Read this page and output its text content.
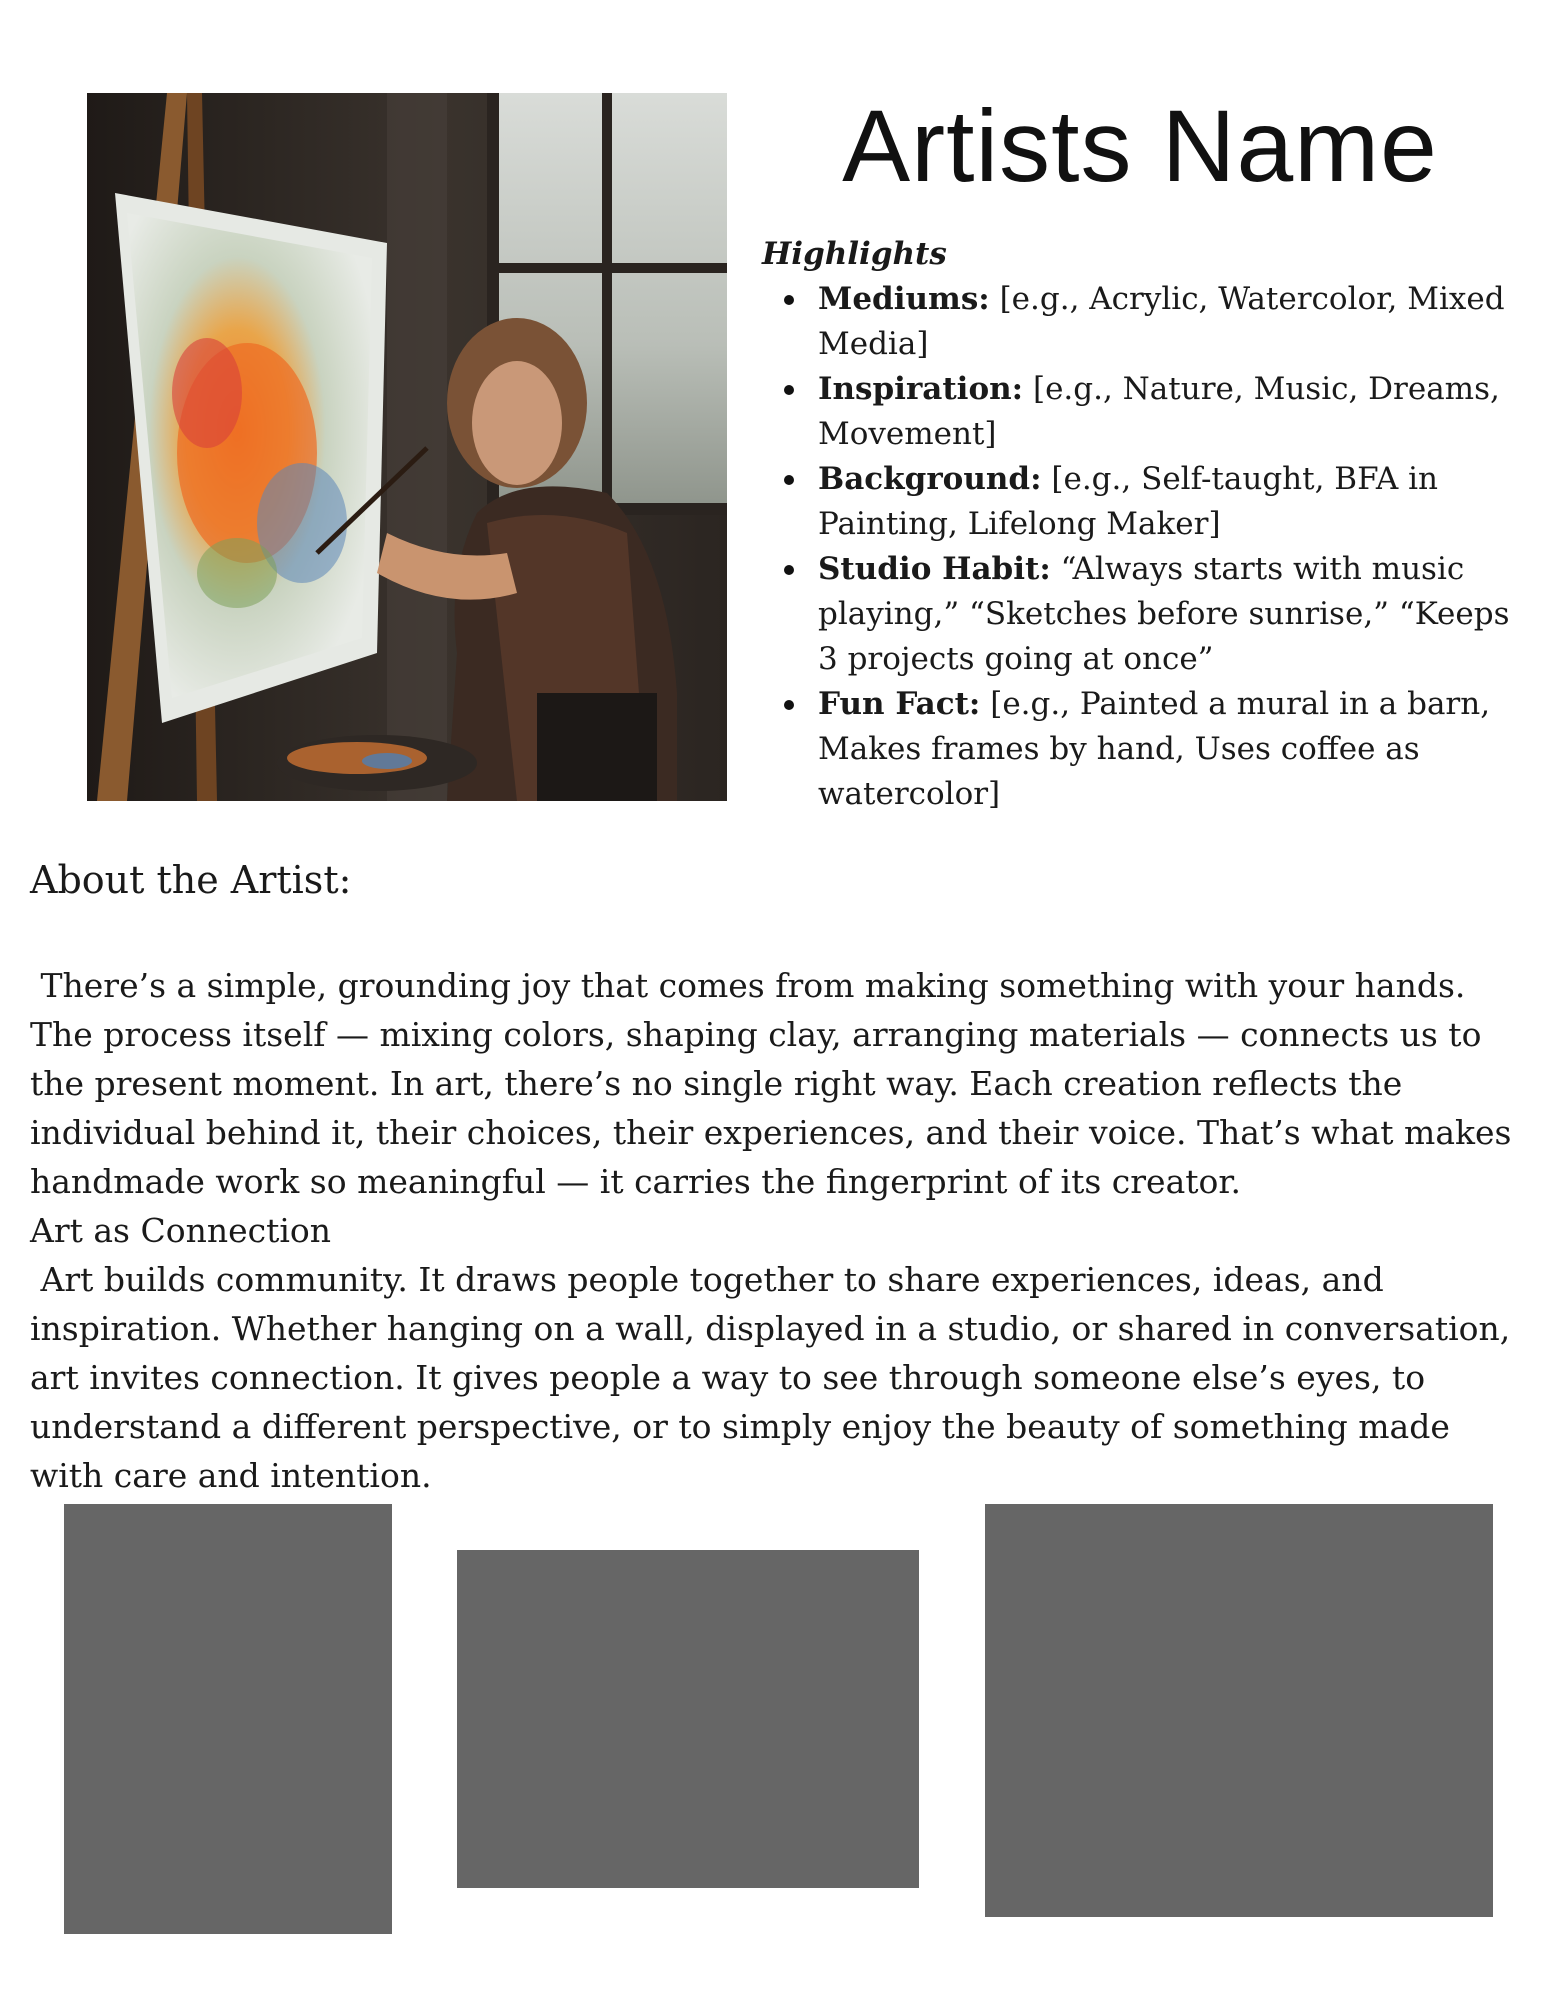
Artists Name

Highlights

Mediums: [e.g., Acrylic, Watercolor, Mixed Media]
Inspiration: [e.g., Nature, Music, Dreams, Movement]
Background: [e.g., Self-taught, BFA in Painting, Lifelong Maker]
Studio Habit: “Always starts with music playing,” “Sketches before sunrise,” “Keeps 3 projects going at once”
Fun Fact: [e.g., Painted a mural in a barn, Makes frames by hand, Uses coffee as watercolor]
About the Artist:

There’s a simple, grounding joy that comes from making something with your hands. The process itself — mixing colors, shaping clay, arranging materials — connects us to the present moment. In art, there’s no single right way. Each creation reflects the individual behind it, their choices, their experiences, and their voice. That’s what makes handmade work so meaningful — it carries the fingerprint of its creator.

Art as Connection

Art builds community. It draws people together to share experiences, ideas, and inspiration. Whether hanging on a wall, displayed in a studio, or shared in conversation, art invites connection. It gives people a way to see through someone else’s eyes, to understand a different perspective, or to simply enjoy the beauty of something made with care and intention.
